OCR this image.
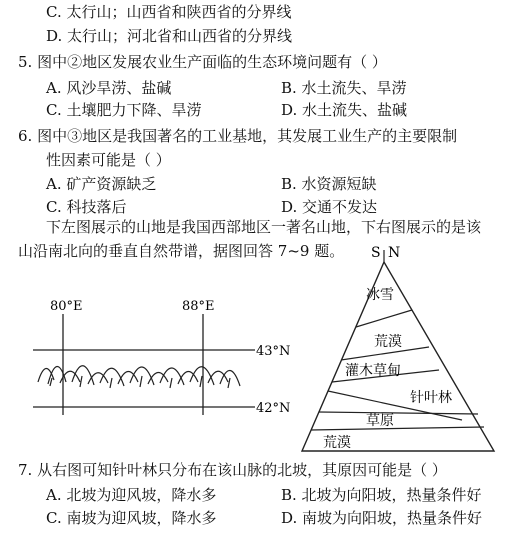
C. 太行山；山西省和陕西省的分界线
D. 太行山；河北省和山西省的分界线
5. 图中②地区发展农业生产面临的生态环境问题有（ ）
A. 风沙旱涝、盐碱	B. 水土流失、旱涝
C. 土壤肥力下降、旱涝	D. 水土流失、盐碱
6. 图中③地区是我国著名的工业基地，其发展工业生产的主要限制
性因素可能是（ ）
A. 矿产资源缺乏	B. 水资源短缺
C. 科技落后	D. 交通不发达
下左图展示的山地是我国西部地区一著名山地，下右图展示的是该
山沿南北向的垂直自然带谱，据图回答 7~9 题。
80°E	88°E
43°N
42°N
S N
冰雪
荒漠
灌木草甸
针叶林
草原
荒漠
7. 从右图可知针叶林只分布在该山脉的北坡，其原因可能是（ ）
A. 北坡为迎风坡，降水多	B. 北坡为向阳坡，热量条件好
C. 南坡为迎风坡，降水多	D. 南坡为向阳坡，热量条件好
